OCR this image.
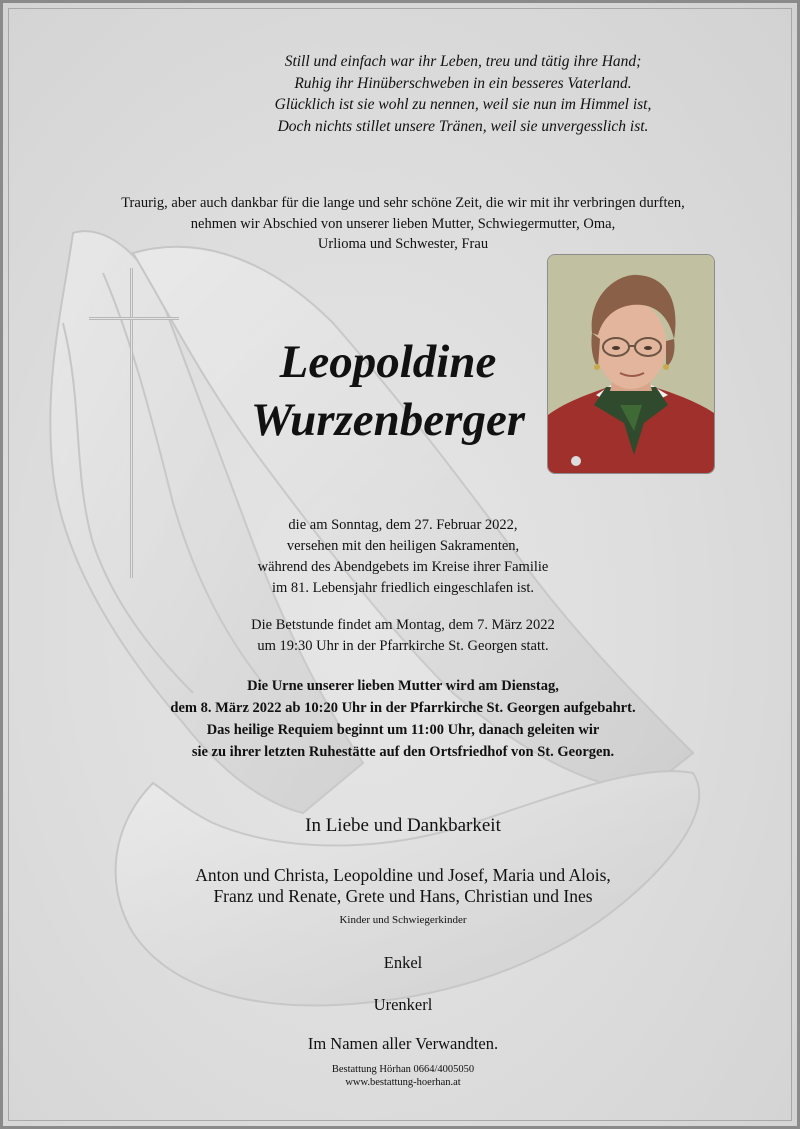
Still und einfach war ihr Leben, treu und tätig ihre Hand;
Ruhig ihr Hinüberschweben in ein besseres Vaterland.
Glücklich ist sie wohl zu nennen, weil sie nun im Himmel ist,
Doch nichts stillet unsere Tränen, weil sie unvergesslich ist.
Traurig, aber auch dankbar für die lange und sehr schöne Zeit, die wir mit ihr verbringen durften,
nehmen wir Abschied von unserer lieben Mutter, Schwiegermutter, Oma,
Urlioma und Schwester, Frau
Leopoldine
Wurzenberger
die am Sonntag, dem 27. Februar 2022,
versehen mit den heiligen Sakramenten,
während des Abendgebets im Kreise ihrer Familie
im 81. Lebensjahr friedlich eingeschlafen ist.
Die Betstunde findet am Montag, dem 7. März 2022
um 19:30 Uhr in der Pfarrkirche St. Georgen statt.
Die Urne unserer lieben Mutter wird am Dienstag,
dem 8. März 2022 ab 10:20 Uhr in der Pfarrkirche St. Georgen aufgebahrt.
Das heilige Requiem beginnt um 11:00 Uhr, danach geleiten wir
sie zu ihrer letzten Ruhestätte auf den Ortsfriedhof von St. Georgen.
In Liebe und Dankbarkeit
Anton und Christa, Leopoldine und Josef, Maria und Alois,
Franz und Renate, Grete und Hans, Christian und Ines
Kinder und Schwiegerkinder
Enkel
Urenkerl
Im Namen aller Verwandten.
Bestattung Hörhan 0664/4005050
www.bestattung-hoerhan.at
